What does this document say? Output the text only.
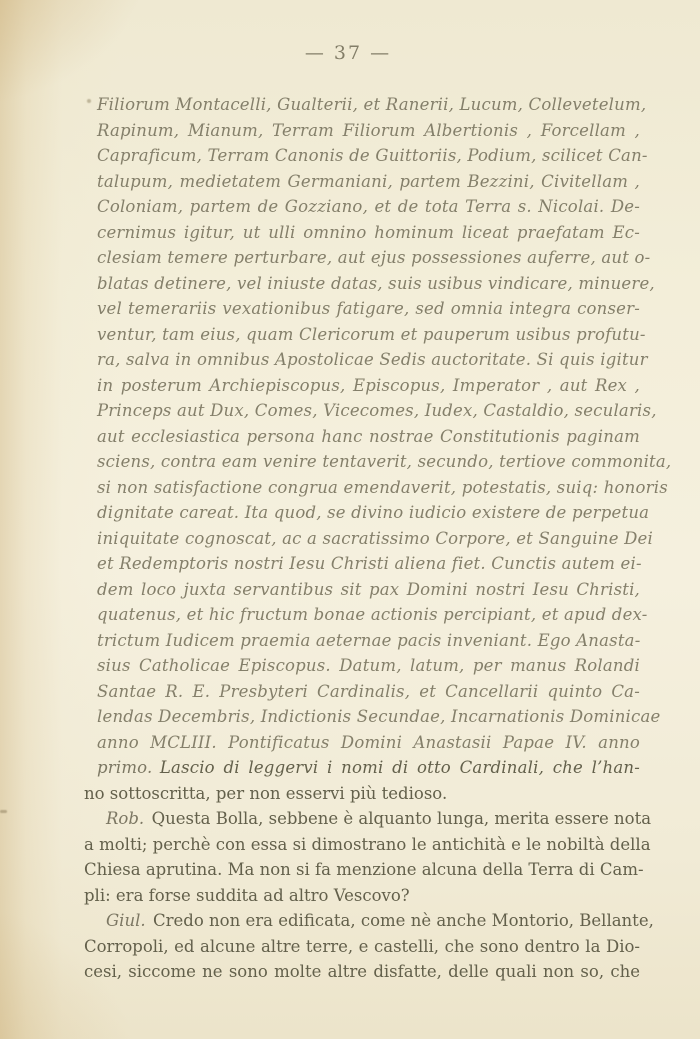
— 37 —
Filiorum Montacelli, Gualterii, et Ranerii, Lucum, Collevetelum,
Rapinum, Mianum, Terram Filiorum Albertionis , Forcellam ,
Capraficum, Terram Canonis de Guittoriis, Podium, scilicet Can-
talupum, medietatem Germaniani, partem Bezzini, Civitellam ,
Coloniam, partem de Gozziano, et de tota Terra s. Nicolai. De-
cernimus igitur, ut ulli omnino hominum liceat praefatam Ec-
clesiam temere perturbare, aut ejus possessiones auferre, aut o-
blatas detinere, vel iniuste datas, suis usibus vindicare, minuere,
vel temerariis vexationibus fatigare, sed omnia integra conser-
ventur, tam eius, quam Clericorum et pauperum usibus profutu-
ra, salva in omnibus Apostolicae Sedis auctoritate. Si quis igitur
in posterum Archiepiscopus, Episcopus, Imperator , aut Rex ,
Princeps aut Dux, Comes, Vicecomes, Iudex, Castaldio, secularis,
aut ecclesiastica persona hanc nostrae Constitutionis paginam
sciens, contra eam venire tentaverit, secundo, tertiove commonita,
si non satisfactione congrua emendaverit, potestatis, suiq: honoris
dignitate careat. Ita quod, se divino iudicio existere de perpetua
iniquitate cognoscat, ac a sacratissimo Corpore, et Sanguine Dei
et Redemptoris nostri Iesu Christi aliena fiet. Cunctis autem ei-
dem loco juxta servantibus sit pax Domini nostri Iesu Christi,
quatenus, et hic fructum bonae actionis percipiant, et apud dex-
trictum Iudicem praemia aeternae pacis inveniant. Ego Anasta-
sius Catholicae Episcopus. Datum, latum, per manus Rolandi
Santae R. E. Presbyteri Cardinalis, et Cancellarii quinto Ca-
lendas Decembris, Indictionis Secundae, Incarnationis Dominicae
anno MCLIII. Pontificatus Domini Anastasii Papae IV. anno
primo. Lascio di leggervi i nomi di otto Cardinali, che l’han-
no sottoscritta, per non esservi più tedioso.
Rob. Questa Bolla, sebbene è alquanto lunga, merita essere nota
a molti; perchè con essa si dimostrano le antichità e le nobiltà della
Chiesa aprutina. Ma non si fa menzione alcuna della Terra di Cam-
pli: era forse suddita ad altro Vescovo?
Giul. Credo non era edificata, come nè anche Montorio, Bellante,
Corropoli, ed alcune altre terre, e castelli, che sono dentro la Dio-
cesi, siccome ne sono molte altre disfatte, delle quali non so, che
